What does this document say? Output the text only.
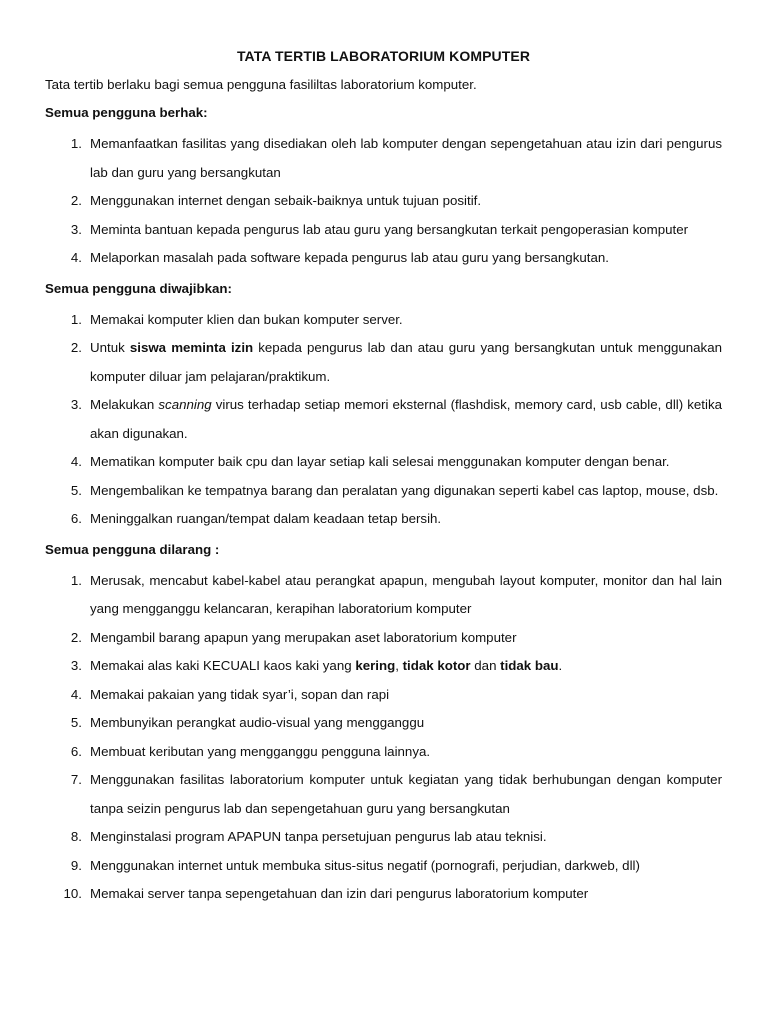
TATA TERTIB LABORATORIUM KOMPUTER
Tata tertib berlaku bagi semua pengguna fasililtas laboratorium komputer.
Semua pengguna berhak:
1. Memanfaatkan fasilitas yang disediakan oleh lab komputer dengan sepengetahuan atau izin dari pengurus lab dan guru yang bersangkutan
2. Menggunakan internet dengan sebaik-baiknya untuk tujuan positif.
3. Meminta bantuan kepada pengurus lab atau guru yang bersangkutan terkait pengoperasian komputer
4. Melaporkan masalah pada software kepada pengurus lab atau guru yang bersangkutan.
Semua pengguna diwajibkan:
1. Memakai komputer klien dan bukan komputer server.
2. Untuk siswa meminta izin kepada pengurus lab dan atau guru yang bersangkutan untuk menggunakan komputer diluar jam pelajaran/praktikum.
3. Melakukan scanning virus terhadap setiap memori eksternal (flashdisk, memory card, usb cable, dll) ketika akan digunakan.
4. Mematikan komputer baik cpu dan layar setiap kali selesai menggunakan komputer dengan benar.
5. Mengembalikan ke tempatnya barang dan peralatan yang digunakan seperti kabel cas laptop, mouse, dsb.
6. Meninggalkan ruangan/tempat dalam keadaan tetap bersih.
Semua pengguna dilarang :
1. Merusak, mencabut kabel-kabel atau perangkat apapun, mengubah layout komputer, monitor dan hal lain yang mengganggu kelancaran, kerapihan laboratorium komputer
2. Mengambil barang apapun yang merupakan aset laboratorium komputer
3. Memakai alas kaki KECUALI kaos kaki yang kering, tidak kotor dan tidak bau.
4. Memakai pakaian yang tidak syar’i, sopan dan rapi
5. Membunyikan perangkat audio-visual yang mengganggu
6. Membuat keributan yang mengganggu pengguna lainnya.
7. Menggunakan fasilitas laboratorium komputer untuk kegiatan yang tidak berhubungan dengan komputer tanpa seizin pengurus lab dan sepengetahuan guru yang bersangkutan
8. Menginstalasi program APAPUN tanpa persetujuan pengurus lab atau teknisi.
9. Menggunakan internet untuk membuka situs-situs negatif (pornografi, perjudian, darkweb, dll)
10. Memakai server tanpa sepengetahuan dan izin dari pengurus laboratorium komputer
